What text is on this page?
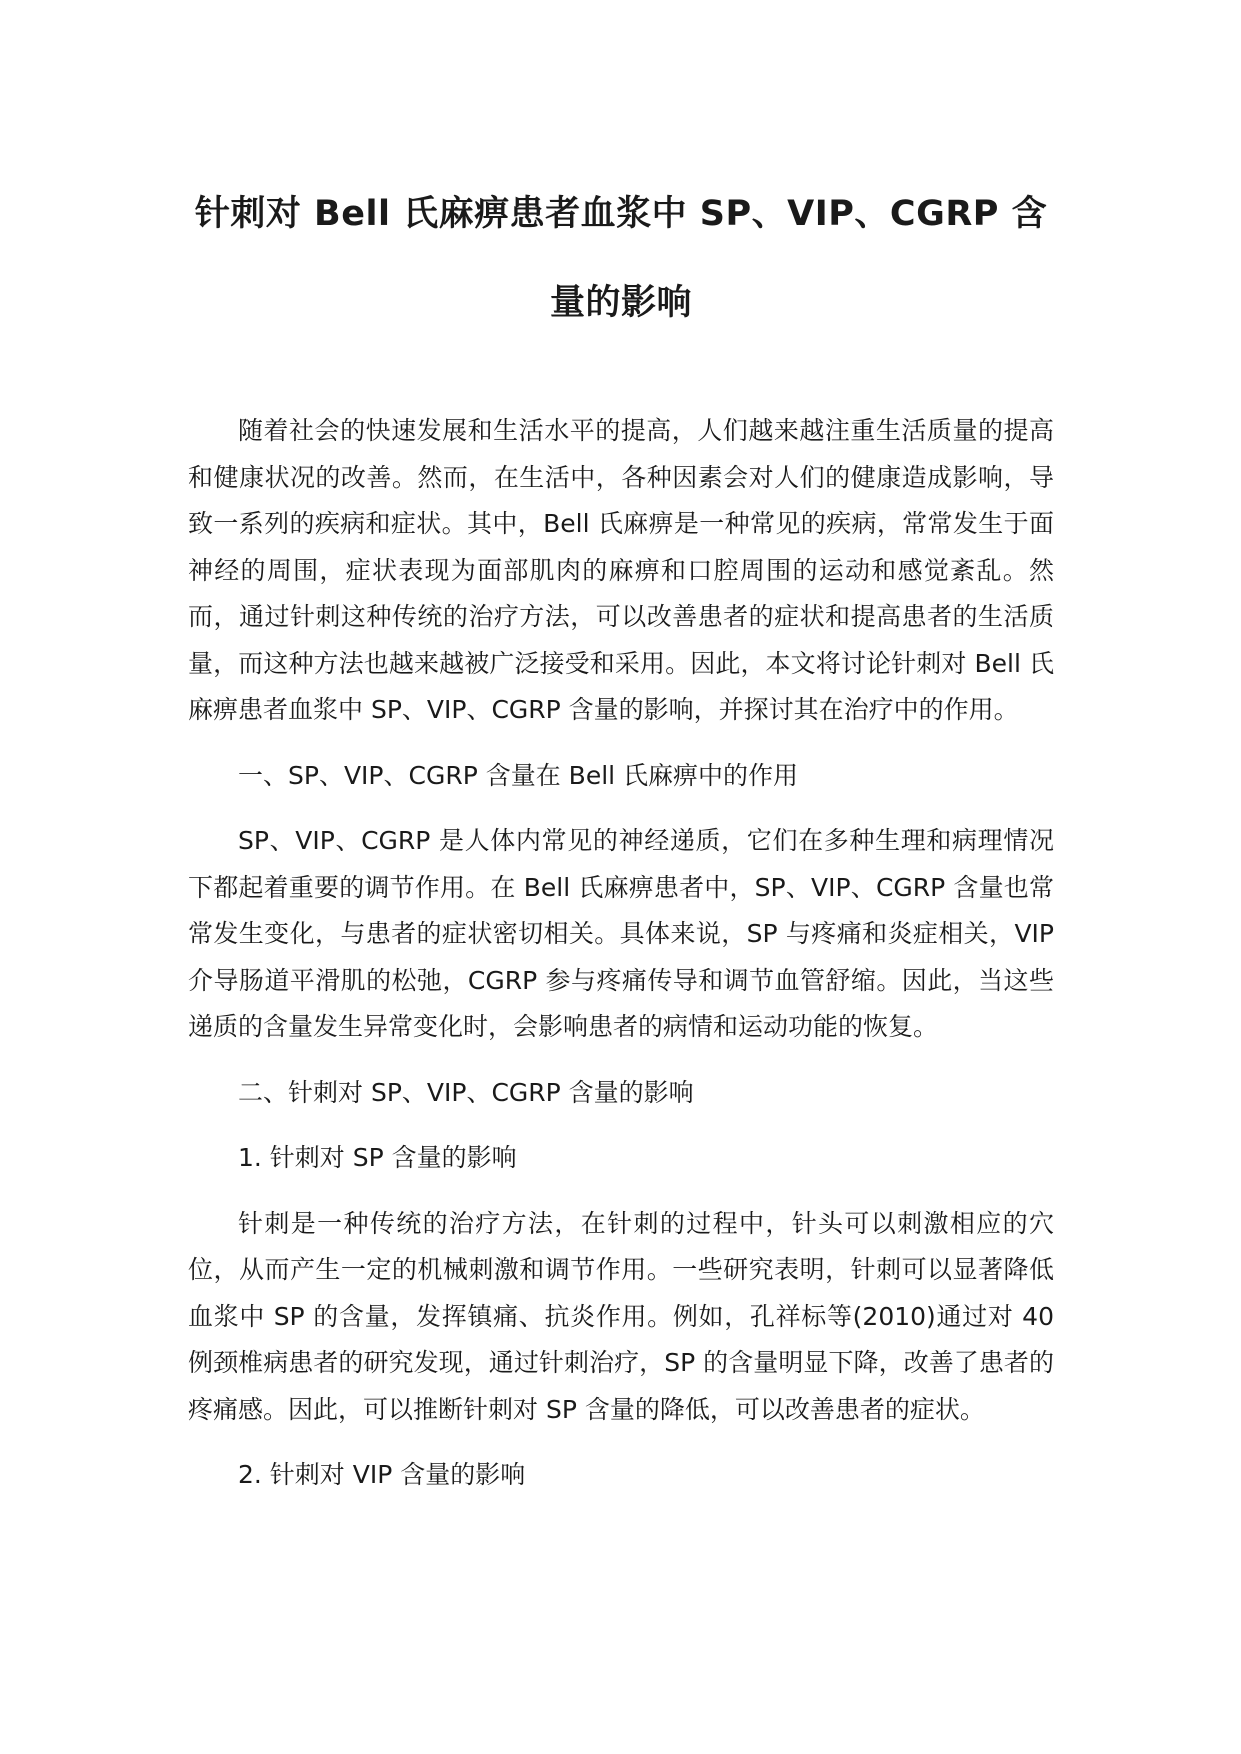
针刺对 Bell 氏麻痹患者血浆中 SP、VIP、CGRP 含量的影响

随着社会的快速发展和生活水平的提高，人们越来越注重生活质量的提高和健康状况的改善。然而，在生活中，各种因素会对人们的健康造成影响，导致一系列的疾病和症状。其中，Bell 氏麻痹是一种常见的疾病，常常发生于面神经的周围，症状表现为面部肌肉的麻痹和口腔周围的运动和感觉紊乱。然而，通过针刺这种传统的治疗方法，可以改善患者的症状和提高患者的生活质量，而这种方法也越来越被广泛接受和采用。因此，本文将讨论针刺对 Bell 氏麻痹患者血浆中 SP、VIP、CGRP 含量的影响，并探讨其在治疗中的作用。

一、SP、VIP、CGRP 含量在 Bell 氏麻痹中的作用

SP、VIP、CGRP 是人体内常见的神经递质，它们在多种生理和病理情况下都起着重要的调节作用。在 Bell 氏麻痹患者中，SP、VIP、CGRP 含量也常常发生变化，与患者的症状密切相关。具体来说，SP 与疼痛和炎症相关，VIP 介导肠道平滑肌的松弛，CGRP 参与疼痛传导和调节血管舒缩。因此，当这些递质的含量发生异常变化时，会影响患者的病情和运动功能的恢复。

二、针刺对 SP、VIP、CGRP 含量的影响

1. 针刺对 SP 含量的影响

针刺是一种传统的治疗方法，在针刺的过程中，针头可以刺激相应的穴位，从而产生一定的机械刺激和调节作用。一些研究表明，针刺可以显著降低血浆中 SP 的含量，发挥镇痛、抗炎作用。例如，孔祥标等(2010)通过对 40 例颈椎病患者的研究发现，通过针刺治疗，SP 的含量明显下降，改善了患者的疼痛感。因此，可以推断针刺对 SP 含量的降低，可以改善患者的症状。

2. 针刺对 VIP 含量的影响
